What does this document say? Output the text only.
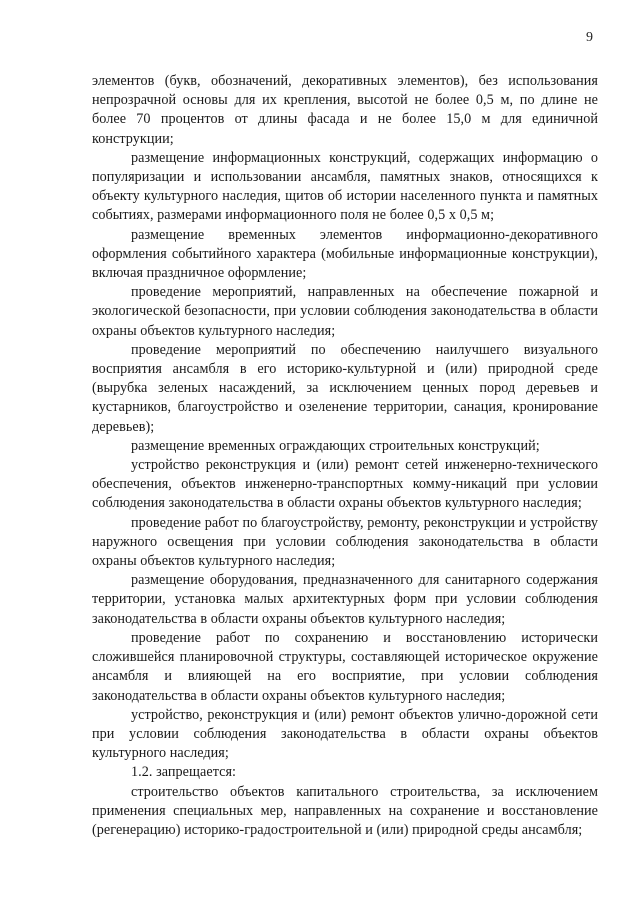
9

элементов (букв, обозначений, декоративных элементов), без использования непрозрачной основы для их крепления, высотой не более 0,5 м, по длине не более 70 процентов от длины фасада и не более 15,0 м для единичной конструкции;

размещение информационных конструкций, содержащих информацию о популяризации и использовании ансамбля, памятных знаков, относящихся к объекту культурного наследия, щитов об истории населенного пункта и памятных событиях, размерами информационного поля не более 0,5 х 0,5 м;

размещение временных элементов информационно-декоративного оформления событийного характера (мобильные информационные конструкции), включая праздничное оформление;

проведение мероприятий, направленных на обеспечение пожарной и экологической безопасности, при условии соблюдения законодательства в области охраны объектов культурного наследия;

проведение мероприятий по обеспечению наилучшего визуального восприятия ансамбля в его историко-культурной и (или) природной среде (вырубка зеленых насаждений, за исключением ценных пород деревьев и кустарников, благоустройство и озеленение территории, санация, кронирование деревьев);

размещение временных ограждающих строительных конструкций;

устройство реконструкция и (или) ремонт сетей инженерно-технического обеспечения, объектов инженерно-транспортных комму-никаций при условии соблюдения законодательства в области охраны объектов культурного наследия;

проведение работ по благоустройству, ремонту, реконструкции и устройству наружного освещения при условии соблюдения законодательства в области охраны объектов культурного наследия;

размещение оборудования, предназначенного для санитарного содержания территории, установка малых архитектурных форм при условии соблюдения законодательства в области охраны объектов культурного наследия;

проведение работ по сохранению и восстановлению исторически сложившейся планировочной структуры, составляющей историческое окружение ансамбля и влияющей на его восприятие, при условии соблюдения законодательства в области охраны объектов культурного наследия;

устройство, реконструкция и (или) ремонт объектов улично-дорожной сети при условии соблюдения законодательства в области охраны объектов культурного наследия;

1.2. запрещается:

строительство объектов капитального строительства, за исключением применения специальных мер, направленных на сохранение и восстановление (регенерацию) историко-градостроительной и (или) природной среды ансамбля;
